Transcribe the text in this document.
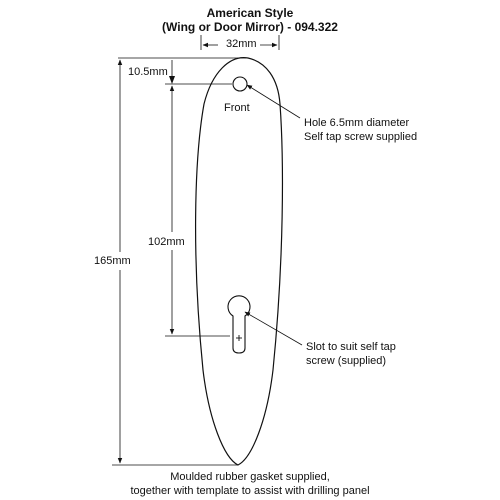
American Style
(Wing or Door Mirror) - 094.322
32mm
10.5mm
102mm
165mm
Front
Hole 6.5mm diameter
Self tap screw supplied
Slot to suit self tap
screw (supplied)
Moulded rubber gasket supplied,
together with template to assist with drilling panel
